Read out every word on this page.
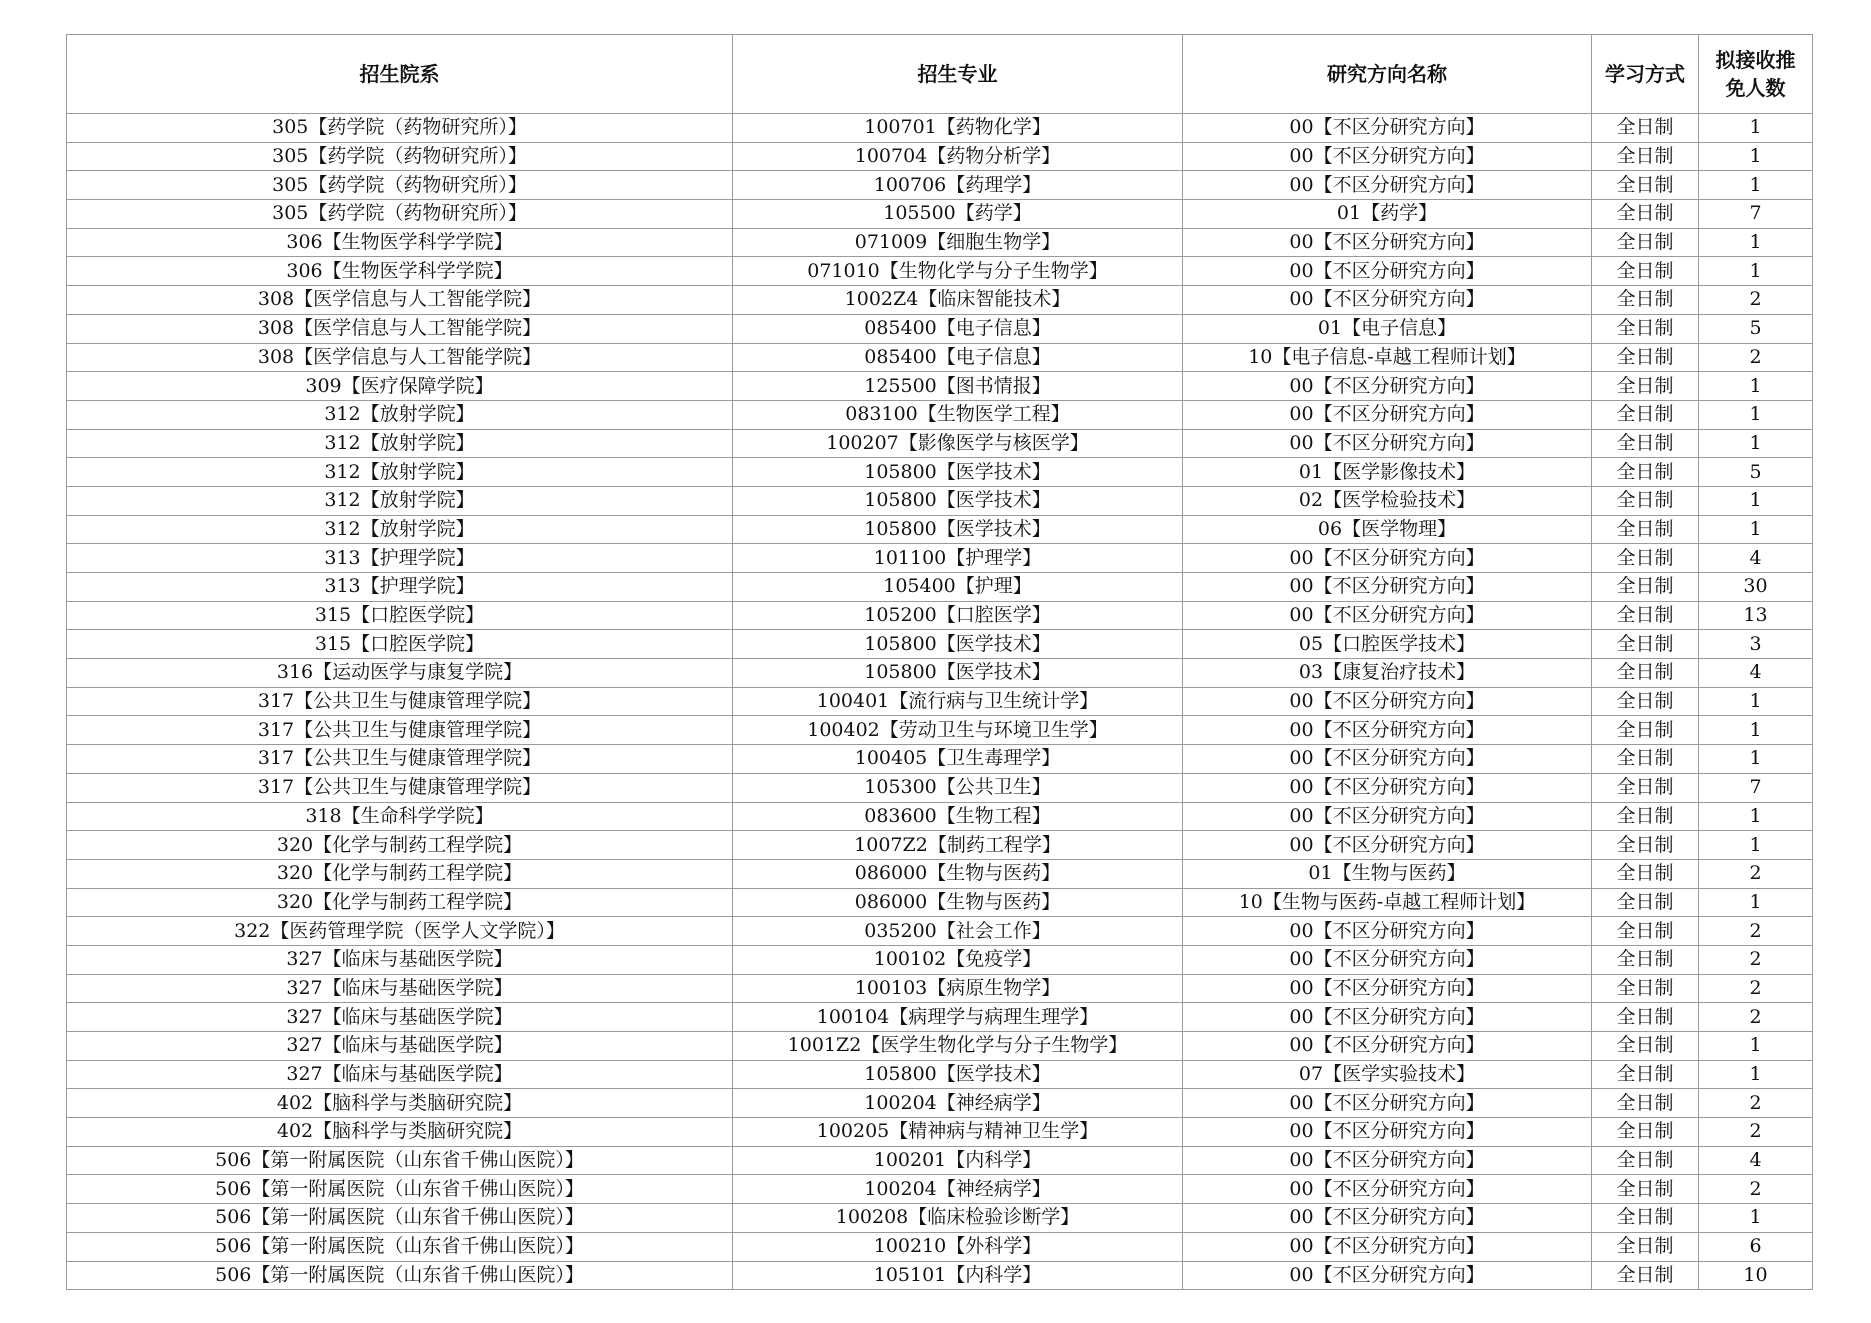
招生院系	招生专业	研究方向名称	学习方式	拟接收推
免人数

305【药学院（药物研究所）】	100701【药物化学】	00【不区分研究方向】	全日制	1
305【药学院（药物研究所）】	100704【药物分析学】	00【不区分研究方向】	全日制	1
305【药学院（药物研究所）】	100706【药理学】	00【不区分研究方向】	全日制	1
305【药学院（药物研究所）】	105500【药学】	01【药学】	全日制	7
306【生物医学科学学院】	071009【细胞生物学】	00【不区分研究方向】	全日制	1
306【生物医学科学学院】	071010【生物化学与分子生物学】	00【不区分研究方向】	全日制	1
308【医学信息与人工智能学院】	1002Z4【临床智能技术】	00【不区分研究方向】	全日制	2
308【医学信息与人工智能学院】	085400【电子信息】	01【电子信息】	全日制	5
308【医学信息与人工智能学院】	085400【电子信息】	10【电子信息-卓越工程师计划】	全日制	2
309【医疗保障学院】	125500【图书情报】	00【不区分研究方向】	全日制	1
312【放射学院】	083100【生物医学工程】	00【不区分研究方向】	全日制	1
312【放射学院】	100207【影像医学与核医学】	00【不区分研究方向】	全日制	1
312【放射学院】	105800【医学技术】	01【医学影像技术】	全日制	5
312【放射学院】	105800【医学技术】	02【医学检验技术】	全日制	1
312【放射学院】	105800【医学技术】	06【医学物理】	全日制	1
313【护理学院】	101100【护理学】	00【不区分研究方向】	全日制	4
313【护理学院】	105400【护理】	00【不区分研究方向】	全日制	30
315【口腔医学院】	105200【口腔医学】	00【不区分研究方向】	全日制	13
315【口腔医学院】	105800【医学技术】	05【口腔医学技术】	全日制	3
316【运动医学与康复学院】	105800【医学技术】	03【康复治疗技术】	全日制	4
317【公共卫生与健康管理学院】	100401【流行病与卫生统计学】	00【不区分研究方向】	全日制	1
317【公共卫生与健康管理学院】	100402【劳动卫生与环境卫生学】	00【不区分研究方向】	全日制	1
317【公共卫生与健康管理学院】	100405【卫生毒理学】	00【不区分研究方向】	全日制	1
317【公共卫生与健康管理学院】	105300【公共卫生】	00【不区分研究方向】	全日制	7
318【生命科学学院】	083600【生物工程】	00【不区分研究方向】	全日制	1
320【化学与制药工程学院】	1007Z2【制药工程学】	00【不区分研究方向】	全日制	1
320【化学与制药工程学院】	086000【生物与医药】	01【生物与医药】	全日制	2
320【化学与制药工程学院】	086000【生物与医药】	10【生物与医药-卓越工程师计划】	全日制	1
322【医药管理学院（医学人文学院）】	035200【社会工作】	00【不区分研究方向】	全日制	2
327【临床与基础医学院】	100102【免疫学】	00【不区分研究方向】	全日制	2
327【临床与基础医学院】	100103【病原生物学】	00【不区分研究方向】	全日制	2
327【临床与基础医学院】	100104【病理学与病理生理学】	00【不区分研究方向】	全日制	2
327【临床与基础医学院】	1001Z2【医学生物化学与分子生物学】	00【不区分研究方向】	全日制	1
327【临床与基础医学院】	105800【医学技术】	07【医学实验技术】	全日制	1
402【脑科学与类脑研究院】	100204【神经病学】	00【不区分研究方向】	全日制	2
402【脑科学与类脑研究院】	100205【精神病与精神卫生学】	00【不区分研究方向】	全日制	2
506【第一附属医院（山东省千佛山医院）】	100201【内科学】	00【不区分研究方向】	全日制	4
506【第一附属医院（山东省千佛山医院）】	100204【神经病学】	00【不区分研究方向】	全日制	2
506【第一附属医院（山东省千佛山医院）】	100208【临床检验诊断学】	00【不区分研究方向】	全日制	1
506【第一附属医院（山东省千佛山医院）】	100210【外科学】	00【不区分研究方向】	全日制	6
506【第一附属医院（山东省千佛山医院）】	105101【内科学】	00【不区分研究方向】	全日制	10
